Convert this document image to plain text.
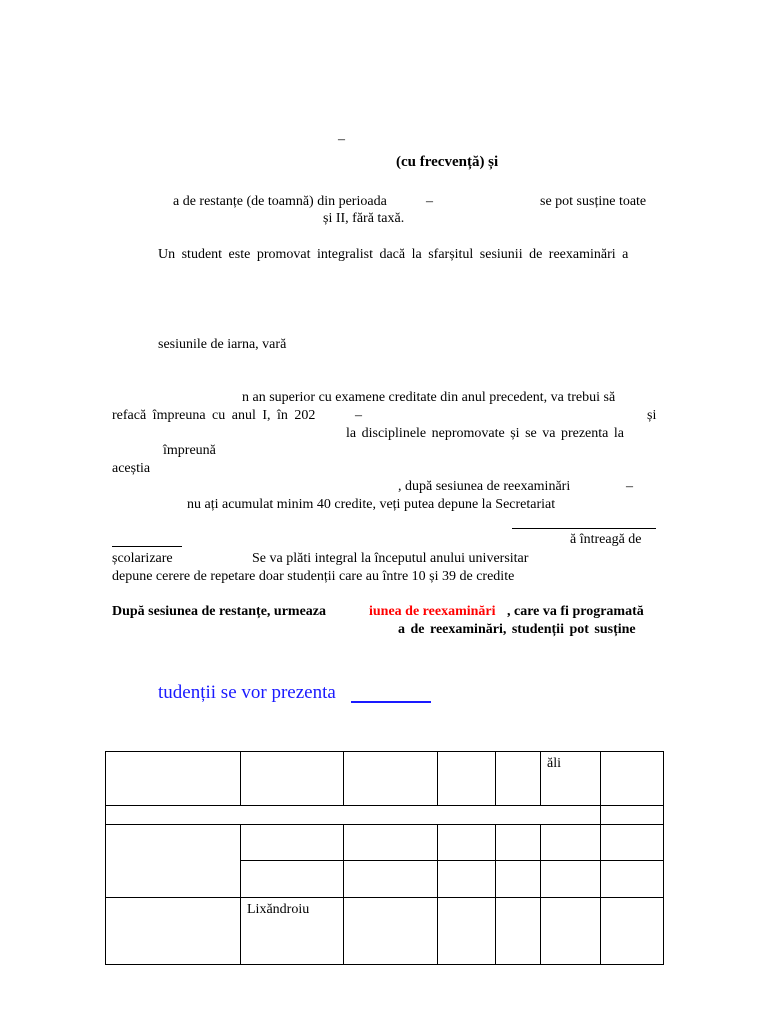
–
(cu frecvență) și
a de restanțe (de toamnă) din perioada	–	se pot susține toate
și II, fără taxă.
Un student este promovat integralist dacă la sfarșitul sesiunii de reexaminări a
sesiunile de iarna, vară
n an superior cu examene creditate din anul precedent, va trebui să
refacă împreuna cu anul I, în 202	–	și
la disciplinele nepromovate și se va prezenta la
împreună
aceștia
, după sesiunea de reexaminări	–
nu ați acumulat minim 40 credite, veți putea depune la Secretariat
ă întreagă de
școlarizare	Se va plăti integral la începutul anului universitar
depune cerere de repetare doar studenții care au între 10 și 39 de credite
După sesiunea de restanțe, urmeaza	iunea de reexaminări , care va fi programată
a de reexaminări, studenții pot susține
tudenții se vor prezenta
					ăli	

	Lixăndroiu					
